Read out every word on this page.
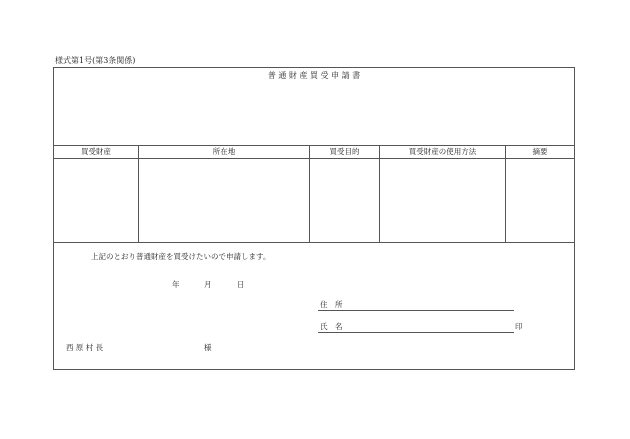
様式第1号(第3条関係)
普 通 財 産 買 受 申 請 書
買受財産	所在地	買受目的	買受財産の使用方法	摘要
上記のとおり普通財産を買受けたいので申請します。
年	月	日
住　所
氏　名	印
西 原 村 長	様
